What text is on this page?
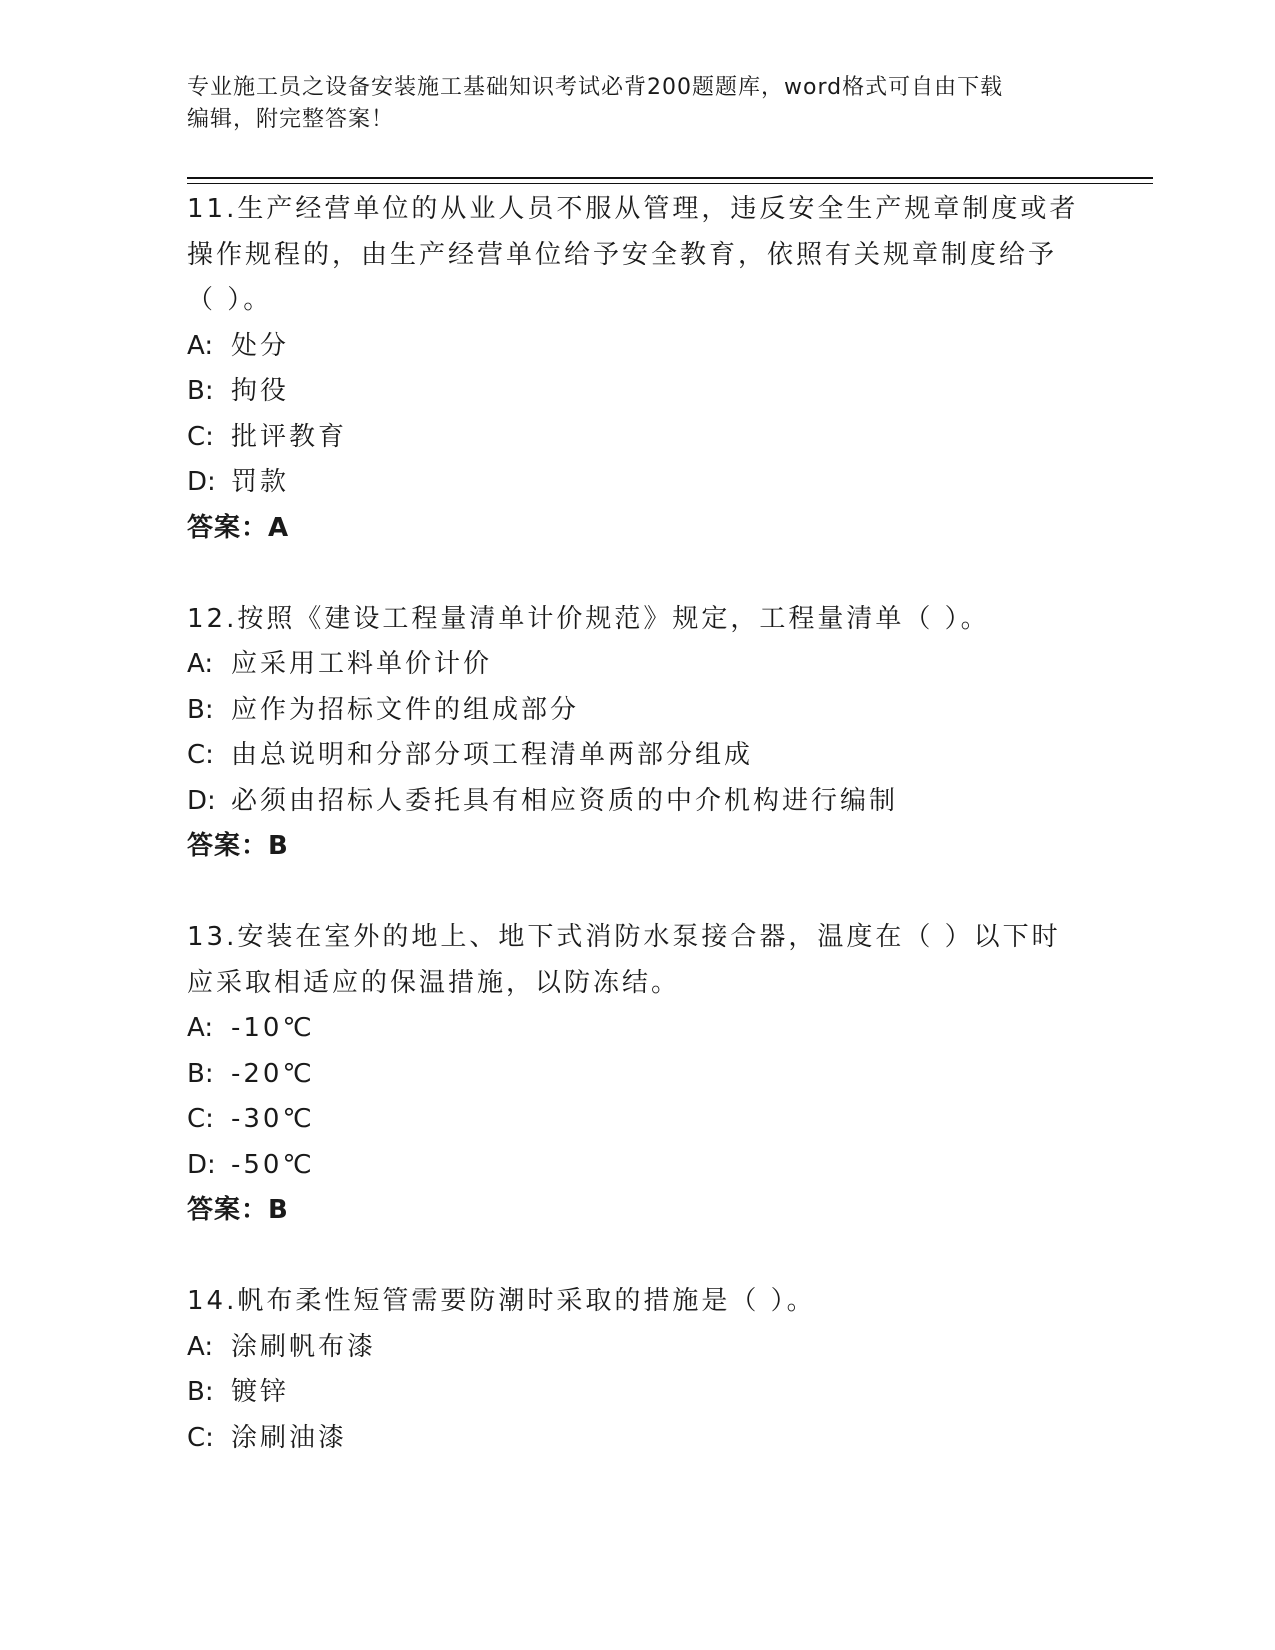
专业施工员之设备安装施工基础知识考试必背200题题库，word格式可自由下载
编辑，附完整答案！
11.生产经营单位的从业人员不服从管理，违反安全生产规章制度或者
操作规程的，由生产经营单位给予安全教育，依照有关规章制度给予
（ ）。
A: 处分
B: 拘役
C: 批评教育
D: 罚款
答案：A
12.按照《建设工程量清单计价规范》规定，工程量清单（ ）。
A: 应采用工料单价计价
B: 应作为招标文件的组成部分
C: 由总说明和分部分项工程清单两部分组成
D: 必须由招标人委托具有相应资质的中介机构进行编制
答案：B
13.安装在室外的地上、地下式消防水泵接合器，温度在（ ）以下时
应采取相适应的保温措施，以防冻结。
A: -10℃
B: -20℃
C: -30℃
D: -50℃
答案：B
14.帆布柔性短管需要防潮时采取的措施是（ ）。
A: 涂刷帆布漆
B: 镀锌
C: 涂刷油漆
